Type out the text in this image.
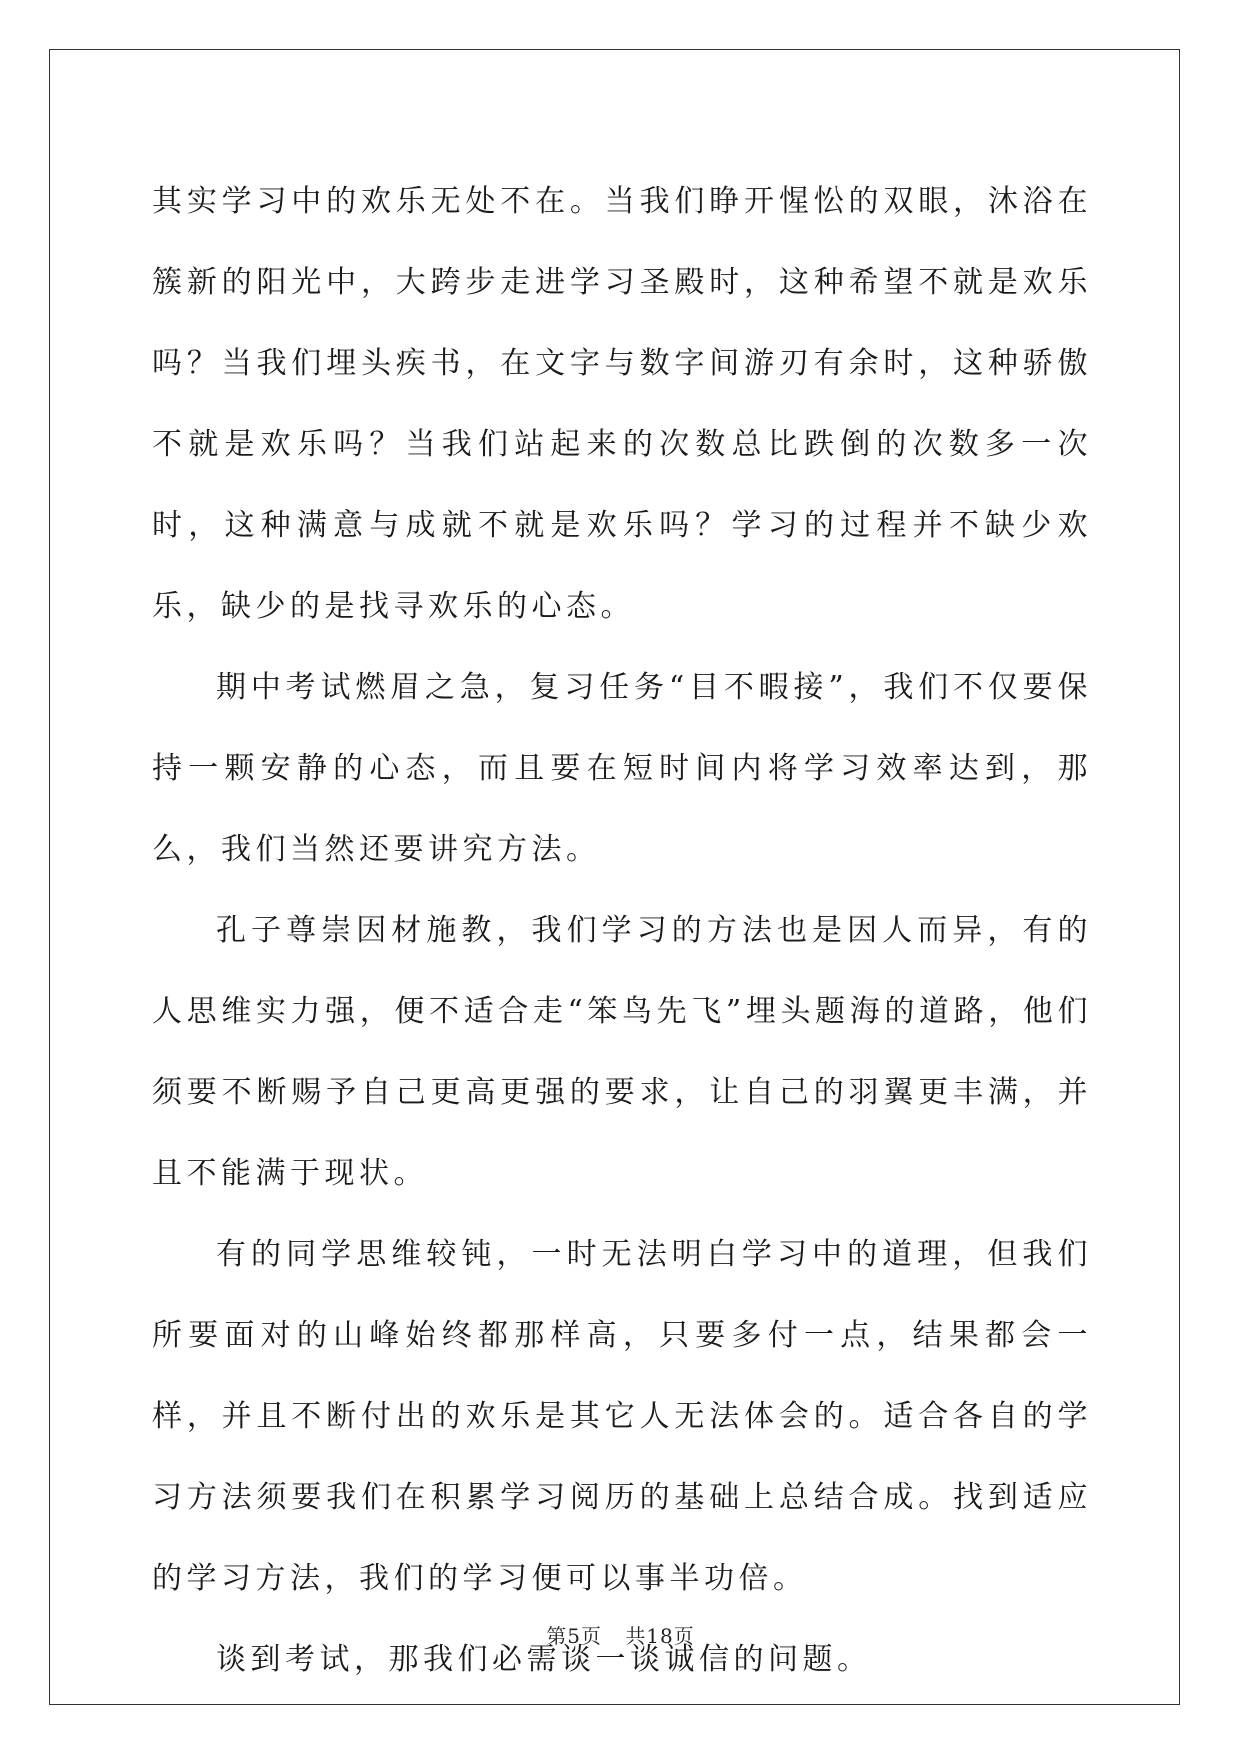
其实学习中的欢乐无处不在。当我们睁开惺忪的双眼，沐浴在簇新的阳光中，大跨步走进学习圣殿时，这种希望不就是欢乐吗？当我们埋头疾书，在文字与数字间游刃有余时，这种骄傲不就是欢乐吗？当我们站起来的次数总比跌倒的次数多一次时，这种满意与成就不就是欢乐吗？学习的过程并不缺少欢乐，缺少的是找寻欢乐的心态。

期中考试燃眉之急，复习任务“目不暇接”，我们不仅要保持一颗安静的心态，而且要在短时间内将学习效率达到，那么，我们当然还要讲究方法。

孔子尊崇因材施教，我们学习的方法也是因人而异，有的人思维实力强，便不适合走“笨鸟先飞”埋头题海的道路，他们须要不断赐予自己更高更强的要求，让自己的羽翼更丰满，并且不能满于现状。

有的同学思维较钝，一时无法明白学习中的道理，但我们所要面对的山峰始终都那样高，只要多付一点，结果都会一样，并且不断付出的欢乐是其它人无法体会的。适合各自的学习方法须要我们在积累学习阅历的基础上总结合成。找到适应的学习方法，我们的学习便可以事半功倍。

谈到考试，那我们必需谈一谈诚信的问题。

第5页 共18页
